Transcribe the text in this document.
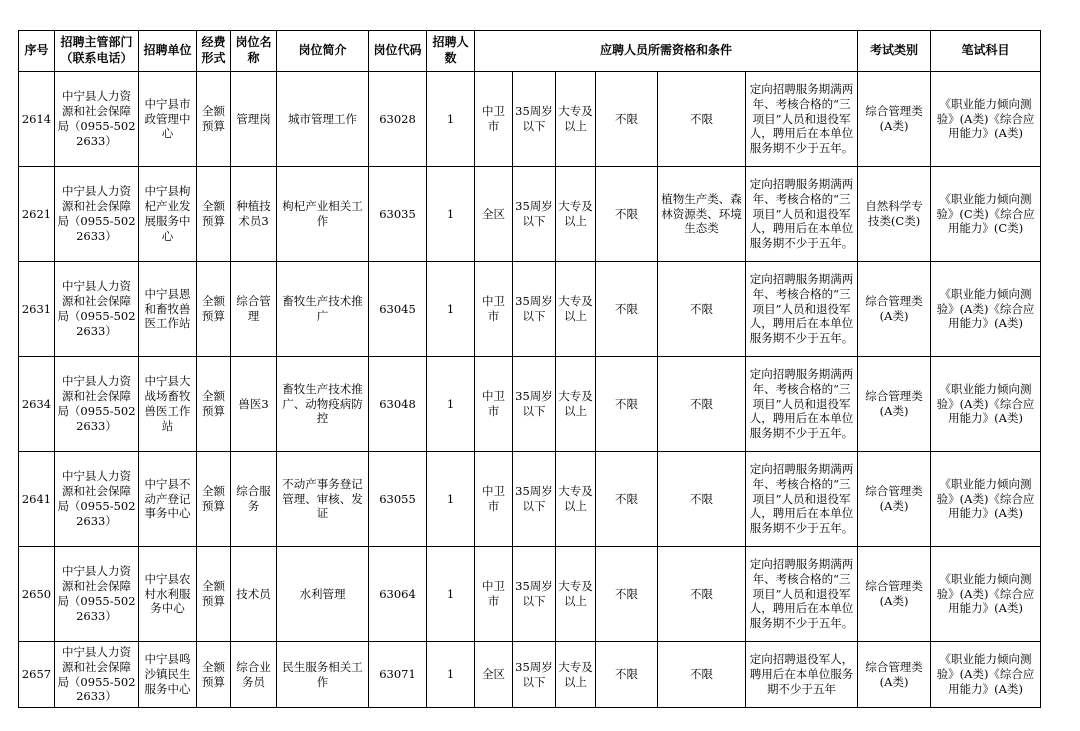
序号	招聘主管部门（联系电话）	招聘单位	经费形式	岗位名称	岗位简介	岗位代码	招聘人数	应聘人员所需资格和条件						考试类别	笔试科目
2614	中宁县人力资源和社会保障局（0955-5022633）	中宁县市政管理中心	全额预算	管理岗	城市管理工作	63028	1	中卫市	35周岁以下	大专及以上	不限	不限	定向招聘服务期满两年、考核合格的“三项目”人员和退役军人，聘用后在本单位服务期不少于五年。	综合管理类(A类)	《职业能力倾向测验》(A类)《综合应用能力》(A类)
2621	中宁县人力资源和社会保障局（0955-5022633）	中宁县枸杞产业发展服务中心	全额预算	种植技术员3	枸杞产业相关工作	63035	1	全区	35周岁以下	大专及以上	不限	植物生产类、森林资源类、环境生态类	定向招聘服务期满两年、考核合格的“三项目”人员和退役军人，聘用后在本单位服务期不少于五年。	自然科学专技类(C类)	《职业能力倾向测验》(C类)《综合应用能力》(C类)
2631	中宁县人力资源和社会保障局（0955-5022633）	中宁县恩和畜牧兽医工作站	全额预算	综合管理	畜牧生产技术推广	63045	1	中卫市	35周岁以下	大专及以上	不限	不限	定向招聘服务期满两年、考核合格的“三项目”人员和退役军人，聘用后在本单位服务期不少于五年。	综合管理类(A类)	《职业能力倾向测验》(A类)《综合应用能力》(A类)
2634	中宁县人力资源和社会保障局（0955-5022633）	中宁县大战场畜牧兽医工作站	全额预算	兽医3	畜牧生产技术推广、动物疫病防控	63048	1	中卫市	35周岁以下	大专及以上	不限	不限	定向招聘服务期满两年、考核合格的“三项目”人员和退役军人，聘用后在本单位服务期不少于五年。	综合管理类(A类)	《职业能力倾向测验》(A类)《综合应用能力》(A类)
2641	中宁县人力资源和社会保障局（0955-5022633）	中宁县不动产登记事务中心	全额预算	综合服务	不动产事务登记管理、审核、发证	63055	1	中卫市	35周岁以下	大专及以上	不限	不限	定向招聘服务期满两年、考核合格的“三项目”人员和退役军人，聘用后在本单位服务期不少于五年。	综合管理类(A类)	《职业能力倾向测验》(A类)《综合应用能力》(A类)
2650	中宁县人力资源和社会保障局（0955-5022633）	中宁县农村水利服务中心	全额预算	技术员	水利管理	63064	1	中卫市	35周岁以下	大专及以上	不限	不限	定向招聘服务期满两年、考核合格的“三项目”人员和退役军人，聘用后在本单位服务期不少于五年。	综合管理类(A类)	《职业能力倾向测验》(A类)《综合应用能力》(A类)
2657	中宁县人力资源和社会保障局（0955-5022633）	中宁县鸣沙镇民生服务中心	全额预算	综合业务员	民生服务相关工作	63071	1	全区	35周岁以下	大专及以上	不限	不限	定向招聘退役军人，聘用后在本单位服务期不少于五年	综合管理类(A类)	《职业能力倾向测验》(A类)《综合应用能力》(A类)
